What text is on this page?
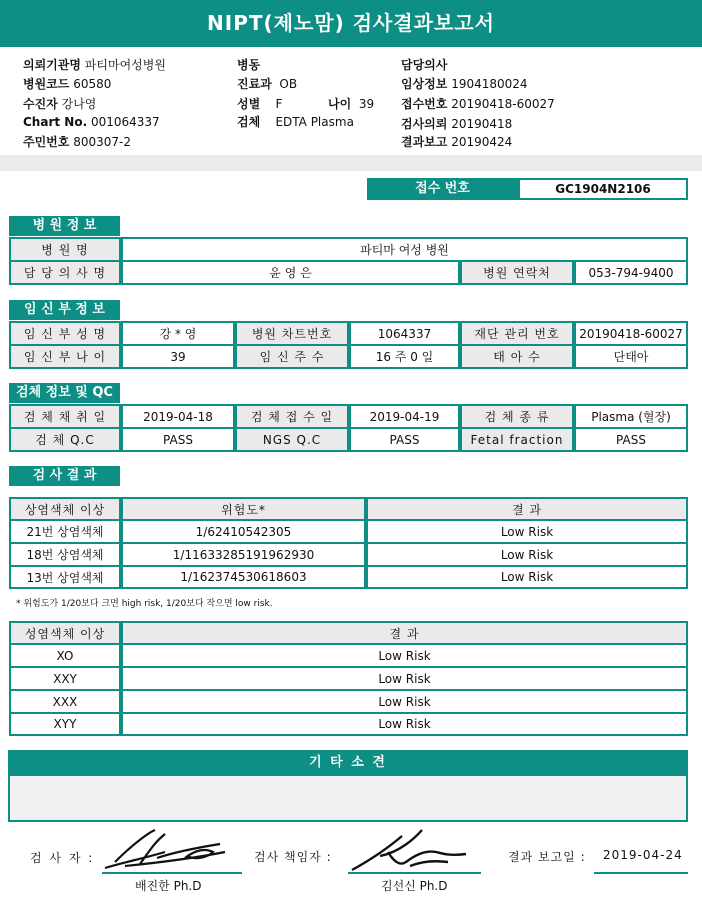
NIPT(제노맘) 검사결과보고서
의뢰기관명 파티마여성병원
병원코드 60580
수진자 강나영
Chart No. 001064337
주민번호 800307-2
병동
진료과 OB
성별 F	나이 39
검체 EDTA Plasma
담당의사
임상정보 1904180024
접수번호 20190418-60027
검사의뢰 20190418
결과보고 20190424
접수 번호	GC1904N2106
병 원 정 보
병 원 명	파티마 여성 병원		
담 당 의 사 명	윤 영 은	병원 연락처	053-794-9400
임 신 부 정 보
임 신 부 성 명	강 * 영	병원 차트번호	1064337	재단 관리 번호	20190418-60027
임 신 부 나 이	39	임 신 주 수	16 주 0 일	태 아 수	단태아
검체 정보 및 QC
검 체 채 취 일	2019-04-18	검 체 접 수 일	2019-04-19	검 체 종 류	Plasma (혈장)
검 체 Q.C	PASS	NGS Q.C	PASS	Fetal fraction	PASS
검 사 결 과
상염색체 이상	위험도*	결 과
21번 상염색체	1/62410542305	Low Risk
18번 상염색체	1/11633285191962930	Low Risk
13번 상염색체	1/162374530618603	Low Risk
* 위험도가 1/20보다 크면 high risk, 1/20보다 작으면 low risk.
성염색체 이상	결 과
XO	Low Risk
XXY	Low Risk
XXX	Low Risk
XYY	Low Risk
기 타 소 견
검 사 자 :
배진한 Ph.D
검사 책임자 :
김선신 Ph.D
결과 보고일 : 2019-04-24
